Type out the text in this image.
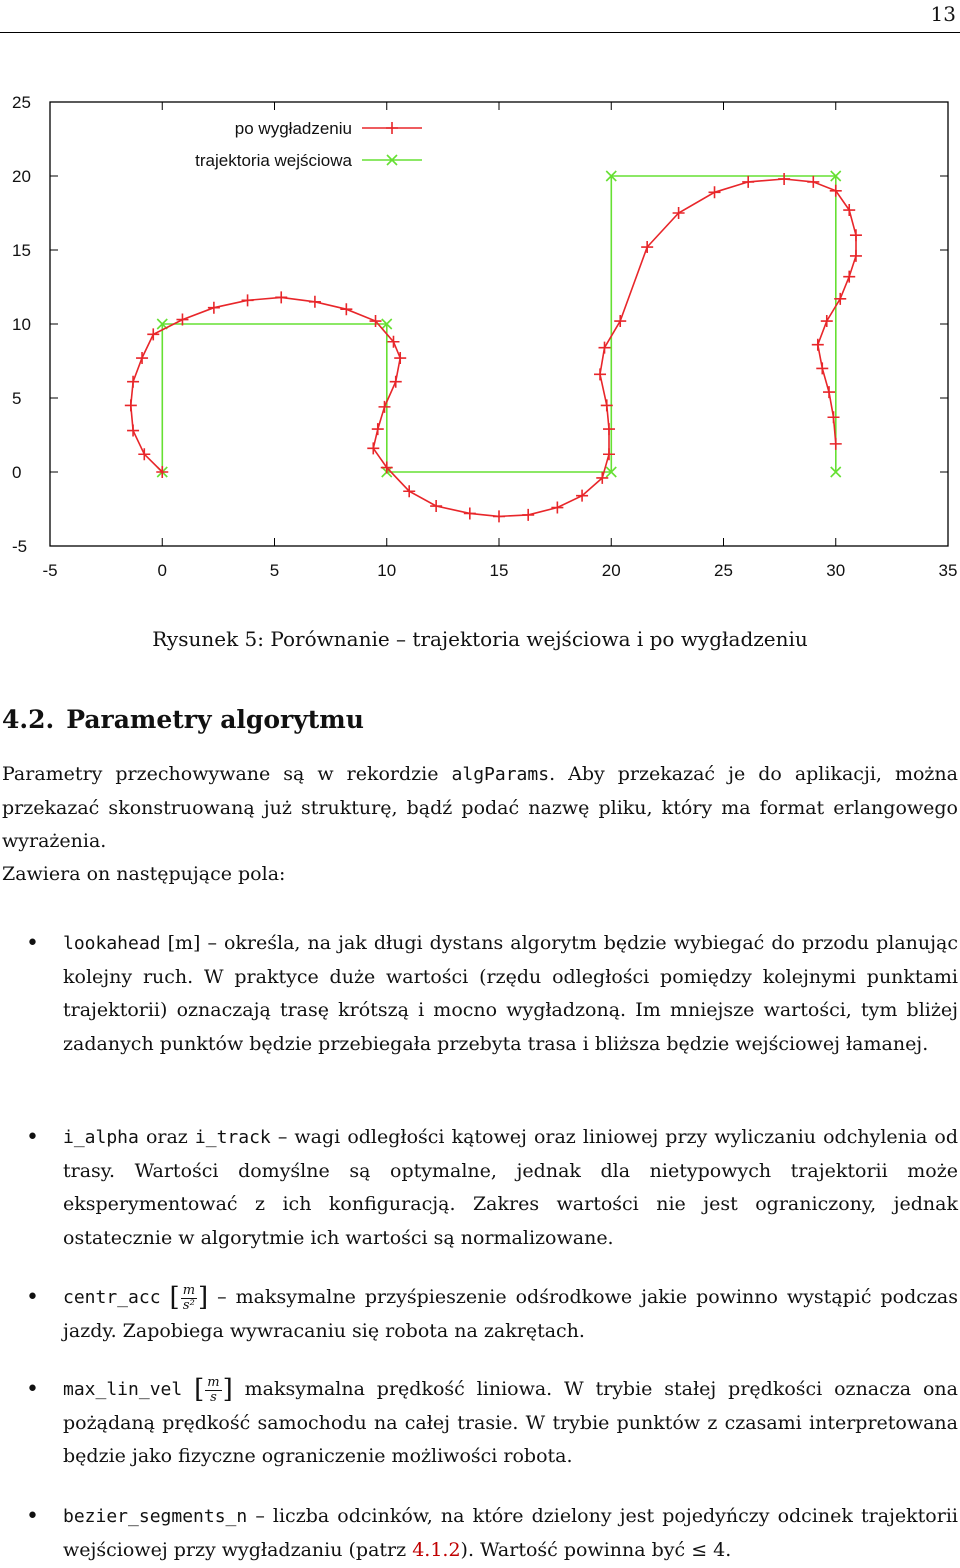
13
-5	0	5	10	15	20	25	30	35
-5
0
5
10
15
20
25
po wygładzeniu
trajektoria wejściowa
Rysunek 5: Porównanie – trajektoria wejściowa i po wygładzeniu
4.2. Parametry algorytmu
Parametry przechowywane są w rekordzie algParams. Aby przekazać je do aplikacji, można przekazać skonstruowaną już strukturę, bądź podać nazwę pliku, który ma format erlangowego wyrażenia.
Zawiera on następujące pola:
• lookahead [m] – określa, na jak długi dystans algorytm będzie wybiegać do przodu planując kolejny ruch. W praktyce duże wartości (rzędu odległości pomiędzy kolejnymi punktami trajektorii) oznaczają trasę krótszą i mocno wygładzoną. Im mniejsze wartości, tym bliżej zadanych punktów będzie przebiegała przebyta trasa i bliższa będzie wejściowej łamanej.
• i_alpha oraz i_track – wagi odległości kątowej oraz liniowej przy wyliczaniu odchylenia od trasy. Wartości domyślne są optymalne, jednak dla nietypowych trajektorii może eksperymentować z ich konfiguracją. Zakres wartości nie jest ograniczony, jednak ostatecznie w algorytmie ich wartości są normalizowane.
• centr_acc [ $\frac{m}{\text{s²}}$ ] – maksymalne przyśpieszenie odśrodkowe jakie powinno wystąpić podczas jazdy. Zapobiega wywracaniu się robota na zakrętach.
• max_lin_vel [ $\frac{m}{s}$ ] maksymalna prędkość liniowa. W trybie stałej prędkości oznacza ona pożądaną prędkość samochodu na całej trasie. W trybie punktów z czasami interpretowana będzie jako fizyczne ograniczenie możliwości robota.
• bezier_segments_n – liczba odcinków, na które dzielony jest pojedyńczy odcinek trajektorii wejściowej przy wygładzaniu (patrz 4.1.2). Wartość powinna być ≤ 4.
